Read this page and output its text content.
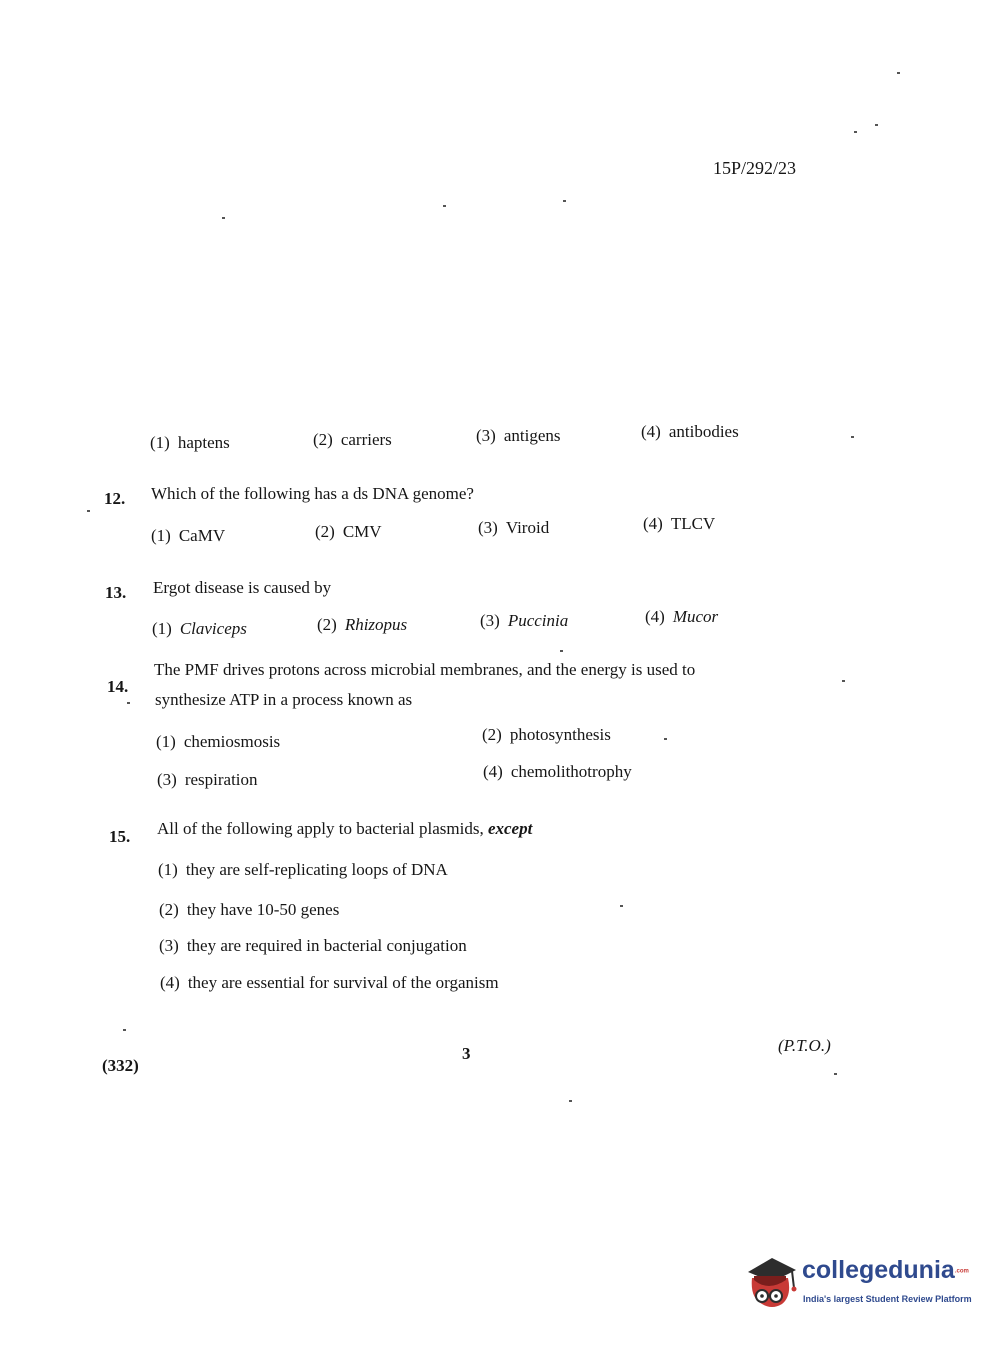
15P/292/23
(1) haptens	(2) carriers	(3) antigens	(4) antibodies
12. Which of the following has a ds DNA genome?
(1) CaMV	(2) CMV	(3) Viroid	(4) TLCV
13. Ergot disease is caused by
(1) Claviceps	(2) Rhizopus	(3) Puccinia	(4) Mucor
14.
The PMF drives protons across microbial membranes, and the energy is used to
synthesize ATP in a process known as
(1) chemiosmosis	(2) photosynthesis
(3) respiration	(4) chemolithotrophy
15. All of the following apply to bacterial plasmids, except
(1) they are self-replicating loops of DNA
(2) they have 10-50 genes
(3) they are required in bacterial conjugation
(4) they are essential for survival of the organism
(332)
3	(P.T.O.)
collegedunia.com
India's largest Student Review Platform
